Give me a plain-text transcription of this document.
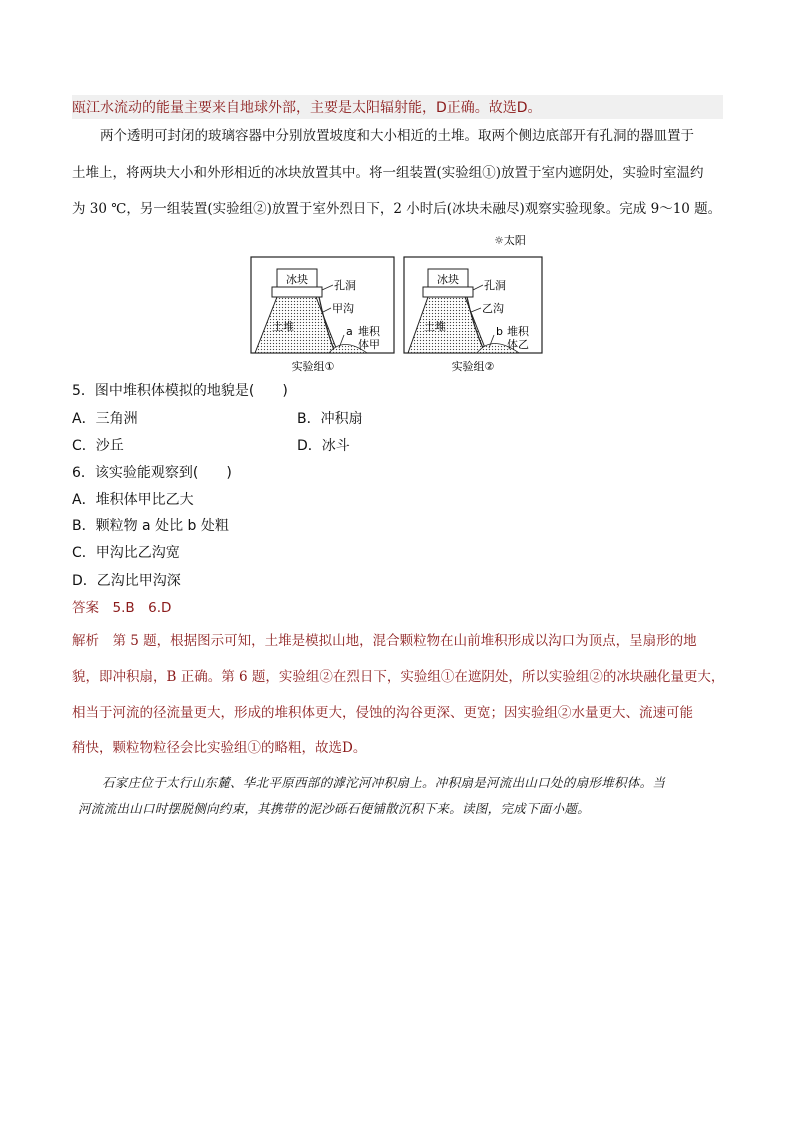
瓯江水流动的能量主要来自地球外部，主要是太阳辐射能，D正确。故选D。
两个透明可封闭的玻璃容器中分别放置坡度和大小相近的土堆。取两个侧边底部开有孔洞的器皿置于
土堆上，将两块大小和外形相近的冰块放置其中。将一组装置(实验组①)放置于室内遮阴处，实验时室温约
为 30 ℃，另一组装置(实验组②)放置于室外烈日下，2 小时后(冰块未融尽)观察实验现象。完成 9～10 题。
☼太阳
冰块
土堆
孔洞
甲沟
a 堆积
体甲
实验组①
冰块
土堆
孔洞
乙沟
b 堆积
体乙
实验组②
5．图中堆积体模拟的地貌是(　　)
A．三角洲	B．冲积扇
C．沙丘	D．冰斗
6．该实验能观察到(　　)
A．堆积体甲比乙大
B．颗粒物 a 处比 b 处粗
C．甲沟比乙沟宽
D．乙沟比甲沟深
答案　 5.B　6.D
解析　 第 5 题，根据图示可知，土堆是模拟山地，混合颗粒物在山前堆积形成以沟口为顶点，呈扇形的地
貌，即冲积扇，B 正确。第 6 题，实验组②在烈日下，实验组①在遮阴处，所以实验组②的冰块融化量更大，
相当于河流的径流量更大，形成的堆积体更大，侵蚀的沟谷更深、更宽；因实验组②水量更大、流速可能
稍快，颗粒物粒径会比实验组①的略粗，故选D。
石家庄位于太行山东麓、华北平原西部的滹沱河冲积扇上。冲积扇是河流出山口处的扇形堆积体。当
河流流出山口时摆脱侧向约束，其携带的泥沙砾石便铺散沉积下来。读图，完成下面小题。
